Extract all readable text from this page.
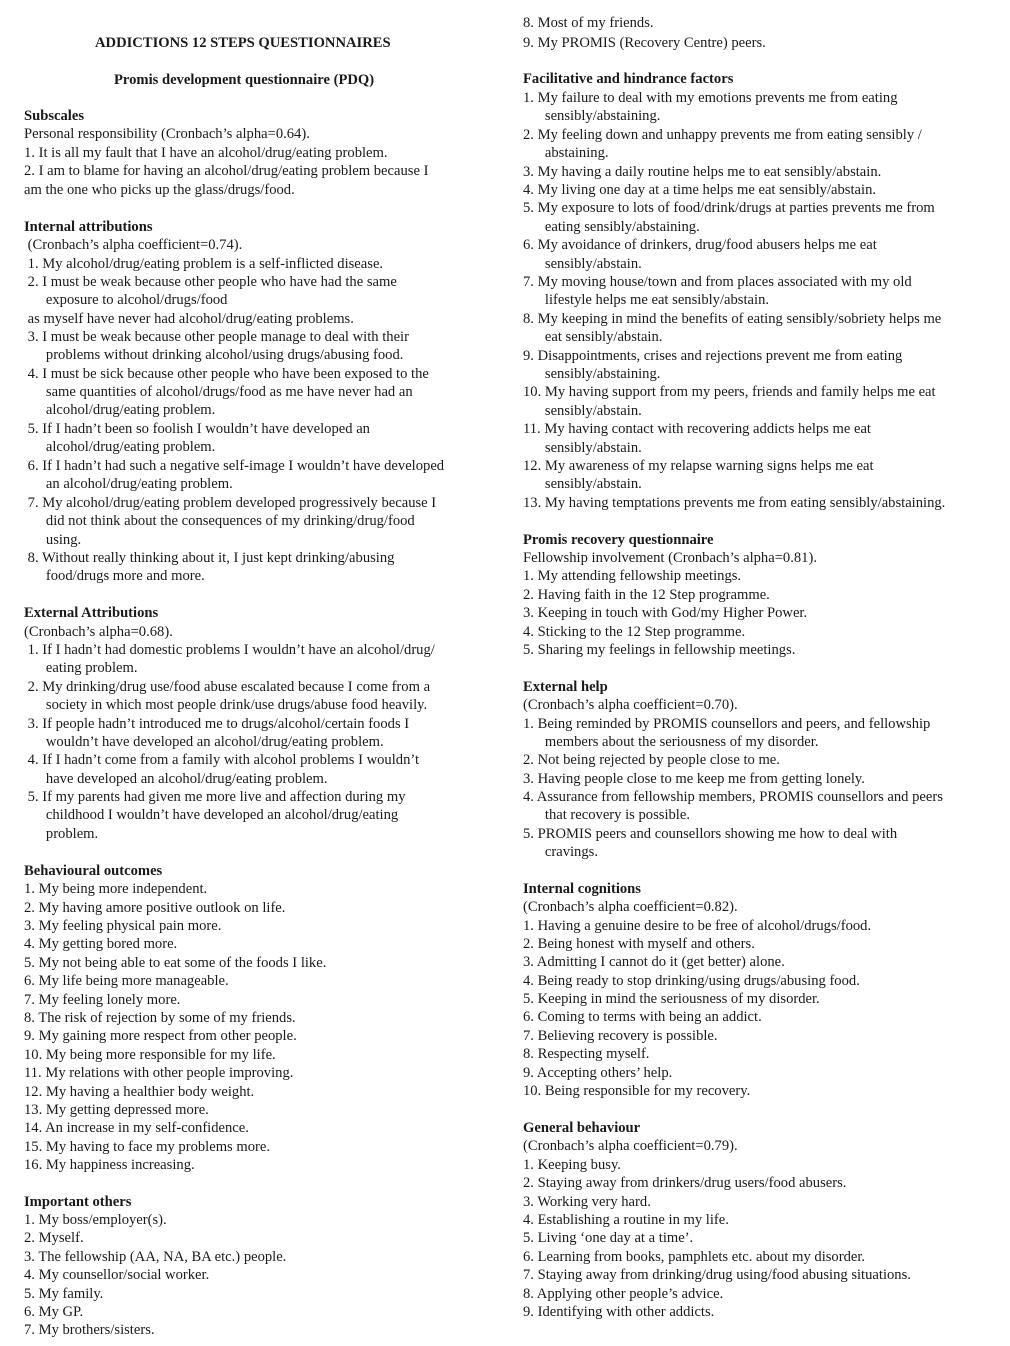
ADDICTIONS 12 STEPS QUESTIONNAIRES
Promis development questionnaire (PDQ)
Subscales
Personal responsibility (Cronbach’s alpha=0.64).
1. It is all my fault that I have an alcohol/drug/eating problem.
2. I am to blame for having an alcohol/drug/eating problem because I
am the one who picks up the glass/drugs/food.
Internal attributions
(Cronbach’s alpha coefficient=0.74).
1. My alcohol/drug/eating problem is a self-inflicted disease.
2. I must be weak because other people who have had the same
exposure to alcohol/drugs/food
as myself have never had alcohol/drug/eating problems.
3. I must be weak because other people manage to deal with their
problems without drinking alcohol/using drugs/abusing food.
4. I must be sick because other people who have been exposed to the
same quantities of alcohol/drugs/food as me have never had an
alcohol/drug/eating problem.
5. If I hadn’t been so foolish I wouldn’t have developed an
alcohol/drug/eating problem.
6. If I hadn’t had such a negative self-image I wouldn’t have developed
an alcohol/drug/eating problem.
7. My alcohol/drug/eating problem developed progressively because I
did not think about the consequences of my drinking/drug/food
using.
8. Without really thinking about it, I just kept drinking/abusing
food/drugs more and more.
External Attributions
(Cronbach’s alpha=0.68).
1. If I hadn’t had domestic problems I wouldn’t have an alcohol/drug/
eating problem.
2. My drinking/drug use/food abuse escalated because I come from a
society in which most people drink/use drugs/abuse food heavily.
3. If people hadn’t introduced me to drugs/alcohol/certain foods I
wouldn’t have developed an alcohol/drug/eating problem.
4. If I hadn’t come from a family with alcohol problems I wouldn’t
have developed an alcohol/drug/eating problem.
5. If my parents had given me more live and affection during my
childhood I wouldn’t have developed an alcohol/drug/eating
problem.
Behavioural outcomes
1. My being more independent.
2. My having amore positive outlook on life.
3. My feeling physical pain more.
4. My getting bored more.
5. My not being able to eat some of the foods I like.
6. My life being more manageable.
7. My feeling lonely more.
8. The risk of rejection by some of my friends.
9. My gaining more respect from other people.
10. My being more responsible for my life.
11. My relations with other people improving.
12. My having a healthier body weight.
13. My getting depressed more.
14. An increase in my self-confidence.
15. My having to face my problems more.
16. My happiness increasing.
Important others
1. My boss/employer(s).
2. Myself.
3. The fellowship (AA, NA, BA etc.) people.
4. My counsellor/social worker.
5. My family.
6. My GP.
7. My brothers/sisters.
8. Most of my friends.
9. My PROMIS (Recovery Centre) peers.
Facilitative and hindrance factors
1. My failure to deal with my emotions prevents me from eating
sensibly/abstaining.
2. My feeling down and unhappy prevents me from eating sensibly /
abstaining.
3. My having a daily routine helps me to eat sensibly/abstain.
4. My living one day at a time helps me eat sensibly/abstain.
5. My exposure to lots of food/drink/drugs at parties prevents me from
eating sensibly/abstaining.
6. My avoidance of drinkers, drug/food abusers helps me eat
sensibly/abstain.
7. My moving house/town and from places associated with my old
lifestyle helps me eat sensibly/abstain.
8. My keeping in mind the benefits of eating sensibly/sobriety helps me
eat sensibly/abstain.
9. Disappointments, crises and rejections prevent me from eating
sensibly/abstaining.
10. My having support from my peers, friends and family helps me eat
sensibly/abstain.
11. My having contact with recovering addicts helps me eat
sensibly/abstain.
12. My awareness of my relapse warning signs helps me eat
sensibly/abstain.
13. My having temptations prevents me from eating sensibly/abstaining.
Promis recovery questionnaire
Fellowship involvement (Cronbach’s alpha=0.81).
1. My attending fellowship meetings.
2. Having faith in the 12 Step programme.
3. Keeping in touch with God/my Higher Power.
4. Sticking to the 12 Step programme.
5. Sharing my feelings in fellowship meetings.
External help
(Cronbach’s alpha coefficient=0.70).
1. Being reminded by PROMIS counsellors and peers, and fellowship
members about the seriousness of my disorder.
2. Not being rejected by people close to me.
3. Having people close to me keep me from getting lonely.
4. Assurance from fellowship members, PROMIS counsellors and peers
that recovery is possible.
5. PROMIS peers and counsellors showing me how to deal with
cravings.
Internal cognitions
(Cronbach’s alpha coefficient=0.82).
1. Having a genuine desire to be free of alcohol/drugs/food.
2. Being honest with myself and others.
3. Admitting I cannot do it (get better) alone.
4. Being ready to stop drinking/using drugs/abusing food.
5. Keeping in mind the seriousness of my disorder.
6. Coming to terms with being an addict.
7. Believing recovery is possible.
8. Respecting myself.
9. Accepting others’ help.
10. Being responsible for my recovery.
General behaviour
(Cronbach’s alpha coefficient=0.79).
1. Keeping busy.
2. Staying away from drinkers/drug users/food abusers.
3. Working very hard.
4. Establishing a routine in my life.
5. Living ‘one day at a time’.
6. Learning from books, pamphlets etc. about my disorder.
7. Staying away from drinking/drug using/food abusing situations.
8. Applying other people’s advice.
9. Identifying with other addicts.
